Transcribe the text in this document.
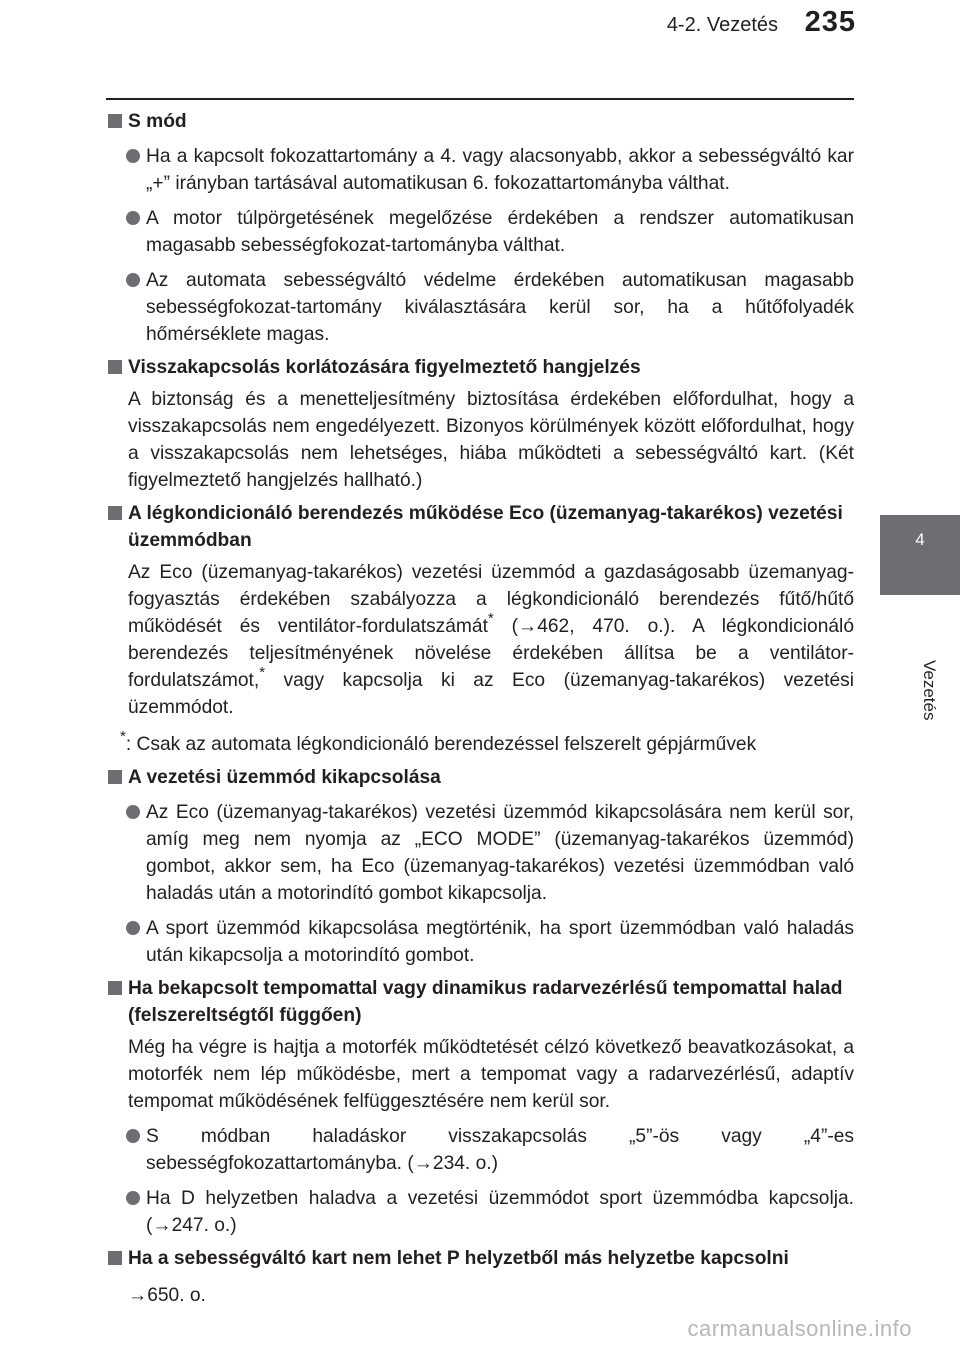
4-2. Vezetés 235
4
Vezetés
S mód
Ha a kapcsolt fokozattartomány a 4. vagy alacsonyabb, akkor a sebességváltó kar „+” irányban tartásával automatikusan 6. fokozattartományba válthat.
A motor túlpörgetésének megelőzése érdekében a rendszer automatikusan magasabb sebességfokozat-tartományba válthat.
Az automata sebességváltó védelme érdekében automatikusan magasabb sebességfokozat-tartomány kiválasztására kerül sor, ha a hűtőfolyadék hőmérséklete magas.
Visszakapcsolás korlátozására figyelmeztető hangjelzés
A biztonság és a menetteljesítmény biztosítása érdekében előfordulhat, hogy a visszakapcsolás nem engedélyezett. Bizonyos körülmények között előfordulhat, hogy a visszakapcsolás nem lehetséges, hiába működteti a sebességváltó kart. (Két figyelmeztető hangjelzés hallható.)
A légkondicionáló berendezés működése Eco (üzemanyag-takarékos) vezetési üzemmódban
Az Eco (üzemanyag-takarékos) vezetési üzemmód a gazdaságosabb üzemanyag-fogyasztás érdekében szabályozza a légkondicionáló berendezés fűtő/hűtő működését és ventilátor-fordulatszámát* (→462, 470. o.). A légkondicionáló berendezés teljesítményének növelése érdekében állítsa be a ventilátor-fordulatszámot,* vagy kapcsolja ki az Eco (üzemanyag-takarékos) vezetési üzemmódot.
*: Csak az automata légkondicionáló berendezéssel felszerelt gépjárművek
A vezetési üzemmód kikapcsolása
Az Eco (üzemanyag-takarékos) vezetési üzemmód kikapcsolására nem kerül sor, amíg meg nem nyomja az „ECO MODE” (üzemanyag-takarékos üzemmód) gombot, akkor sem, ha Eco (üzemanyag-takarékos) vezetési üzemmódban való haladás után a motorindító gombot kikapcsolja.
A sport üzemmód kikapcsolása megtörténik, ha sport üzemmódban való haladás után kikapcsolja a motorindító gombot.
Ha bekapcsolt tempomattal vagy dinamikus radarvezérlésű tempomattal halad (felszereltségtől függően)
Még ha végre is hajtja a motorfék működtetését célzó következő beavatkozásokat, a motorfék nem lép működésbe, mert a tempomat vagy a radarvezérlésű, adaptív tempomat működésének felfüggesztésére nem kerül sor.
S módban haladáskor visszakapcsolás „5”-ös vagy „4”-es sebességfokozattartományba. (→234. o.)
Ha D helyzetben haladva a vezetési üzemmódot sport üzemmódba kapcsolja. (→247. o.)
Ha a sebességváltó kart nem lehet P helyzetből más helyzetbe kapcsolni
→650. o.
carmanualsonline.info
